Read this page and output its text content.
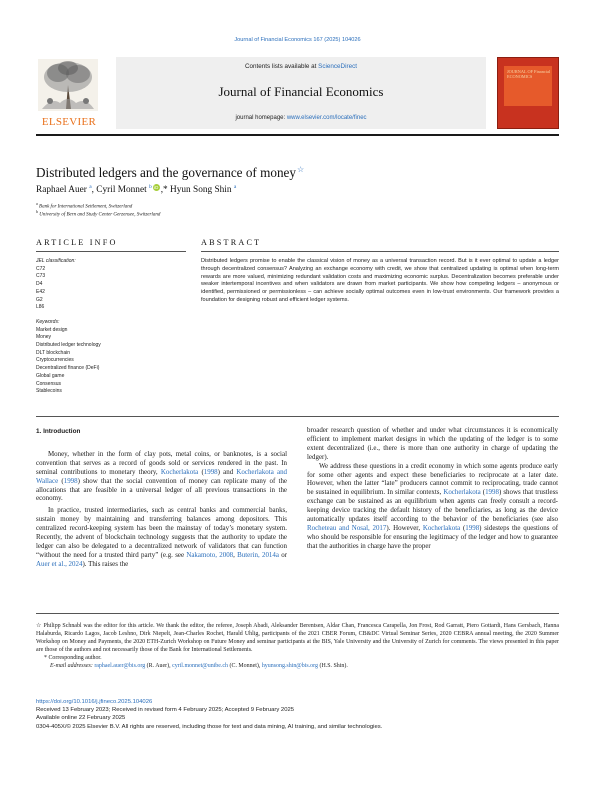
Journal of Financial Economics 167 (2025) 104026
ELSEVIER
Contents lists available at ScienceDirect
Journal of Financial Economics
journal homepage: www.elsevier.com/locate/finec
JOURNAL OF Financial ECONOMICS
Distributed ledgers and the governance of money☆
Raphael Auer $^a$, Cyril Monnet $^b$ iD ,* Hyun Song Shin $^a$
$^a$ Bank for International Settlement, Switzerland
$^b$ University of Bern and Study Center Gerzensee, Switzerland
ARTICLE INFO	ABSTRACT
JEL classification:
C72
C73
D4
E42
G2
L86
Keywords:
Market design
Money
Distributed ledger technology
DLT blockchain
Cryptocurrencies
Decentralized finance (DeFi)
Global game
Consensus
Stablecoins
Distributed ledgers promise to enable the classical vision of money as a universal transaction record. But is it ever optimal to update a ledger through decentralized consensus? Analyzing an exchange economy with credit, we show that centralized updating is optimal when long-term rewards are more valued, minimizing redundant validation costs and maximizing economic surplus. Decentralization becomes preferable under weaker intertemporal incentives and when validators are drawn from market participants. We show how competing ledgers – anonymous or identified, permissioned or permissionless – can achieve socially optimal outcomes even in low-trust environments. Our framework provides a foundation for designing robust and efficient ledger systems.
1. Introduction

Money, whether in the form of clay pots, metal coins, or banknotes, is a social convention that serves as a record of goods sold or services rendered in the past. In seminal contributions to monetary theory, Kocherlakota (1998) and Kocherlakota and Wallace (1998) show that the social convention of money can replicate many of the allocations that are feasible in a universal ledger of all previous transactions in the economy.

In practice, trusted intermediaries, such as central banks and commercial banks, sustain money by maintaining and transferring balances among depositors. This centralized record-keeping system has been the mainstay of today’s monetary system. Recently, the advent of blockchain technology suggests that the authority to update the ledger can also be delegated to a decentralized network of validators that can function “without the need for a trusted third party” (e.g. see Nakamoto, 2008, Buterin, 2014a or Auer et al., 2024). This raises the

broader research question of whether and under what circumstances it is economically efficient to implement market designs in which the updating of the ledger is to some extent decentralized (i.e., there is more than one authority in charge of updating the ledger).

We address these questions in a credit economy in which some agents produce early for some other agents and expect these beneficiaries to reciprocate at a later date. However, when the latter “late” producers cannot commit to reciprocating, trade cannot be sustained in equilibrium. In similar contexts, Kocherlakota (1998) shows that trustless exchange can be sustained as an equilibrium when agents can freely consult a record-keeping device tracking the default history of the beneficiaries, as long as the device automatically updates itself according to the behavior of the beneficiaries (see also Rocheteau and Nosal, 2017). However, Kocherlakota (1998) sidesteps the questions of who should be responsible for ensuring the legitimacy of the ledger and how to guarantee that the authorities in charge have the proper

☆ Philipp Schnabl was the editor for this article. We thank the editor, the referee, Joseph Abadi, Aleksander Berentsen, Aldar Chan, Francesca Carapella, Jon Frost, Rod Garratt, Piero Gottardi, Hans Gersbach, Hanna Halaburda, Ricardo Lagos, Jacob Leshno, Dirk Niepelt, Jean-Charles Rochet, Harald Uhlig, participants of the 2021 CBER Forum, CB&DC Virtual Seminar Series, 2020 CEBRA annual meeting, the 2020 Summer Workshop on Money and Payments, the 2020 ETH-Zurich Workshop on Future Money and seminar participants at the BIS, Yale University and the University of Zurich for comments. The views presented in this paper are those of the authors and not necessarily those of the Bank for International Settlements.
* Corresponding author.
E-mail addresses: raphael.auer@bis.org (R. Auer), cyril.monnet@unibe.ch (C. Monnet), hyunsong.shin@bis.org (H.S. Shin).
https://doi.org/10.1016/j.jfineco.2025.104026
Received 13 February 2023; Received in revised form 4 February 2025; Accepted 9 February 2025
Available online 22 February 2025
0304-405X/© 2025 Elsevier B.V. All rights are reserved, including those for text and data mining, AI training, and similar technologies.
